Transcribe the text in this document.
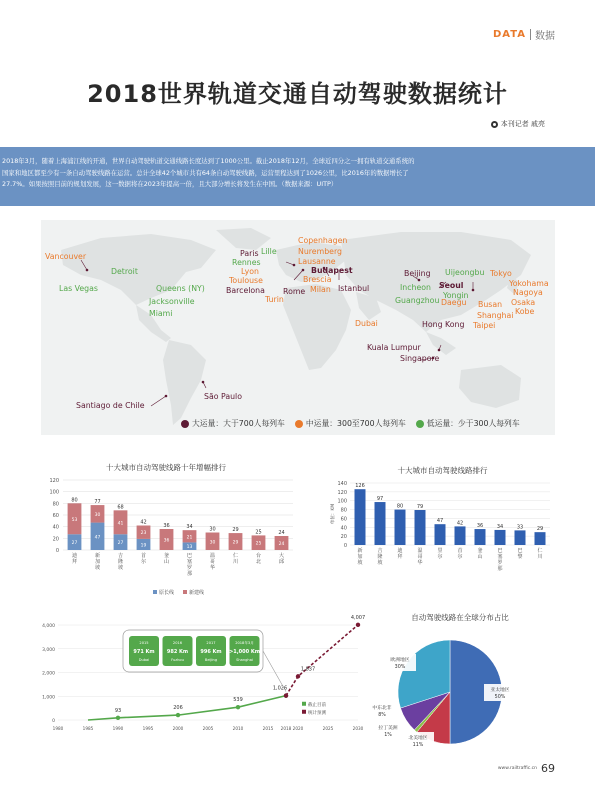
DATA 数据
2018世界轨道交通自动驾驶数据统计
本刊记者 戚亮
2018年3月，随着上海浦江线的开通，世界自动驾驶轨道交通线路长度达到了1000公里。截止2018年12月，全球近四分之一拥有轨道交通系统的
国家和地区都至少有一条自动驾驶线路在运营。总计全球42个城市共有64条自动驾驶线路，运营里程达到了1026公里，比2016年的数据增长了
27.7%。如果按照目前的规划发展，这一数据将在2023年提高一倍，且大部分增长将发生在中国。（数据来源：UITP）
Vancouver
Las Vegas
Detroit
Queens (NY)
Jacksonville
Miami
Paris Lille
Rennes
Lyon
Toulouse
Barcelona
Turin
Rome
Copenhagen
Nuremberg
Lausanne
Budapest
Brescia
Milan Istanbul
Dubai
Beijing Uijeongbu
Incheon Seoul
Yongin
Guangzhou Daegu Busan
Tokyo
Yokohama
Nagoya
Osaka
Kobe
Shanghai
Taipei
Hong Kong
Kuala Lumpur
Singapore
São Paulo
Santiago de Chile
大运量：大于700人每列车	中运量：300至700人每列车	低运量：少于300人每列车
十大城市自动驾驶线路十年增幅排行
0
20
40
60
80
100
120
27
53
80
迪
拜
47
30
77
新
加
坡
27
41
68
吉
隆
坡
19
23
42
首
尔
36
36
釜
山
13
21
34
巴
塞
罗
那
30
30
温
哥
华
29
29
仁
川
25
25
台
北
24
24
大
邱
原长线	新建线
十大城市自动驾驶线路排行
0
20
40
60
80
100
120
140
单位：KM
126
新
加
坡
97
吉
隆
坡
80
迪
拜
79
温
哥
华
47
里
尔
42
首
尔
36
釜
山
34
巴
塞
罗
那
33
巴
黎
29
仁
川
0
1,000
2,000
3,000
4,000
1980	1985	1990	1995	2000	2005	2010	2015 2018 2020	2025	2030
93	206
539
1,026
1,837
4,007
2015
971 Km
Dubai
2016
982 Km
Fuzhou
2017
996 Km
Beijing
2018年3月
>1,000 Km
Shanghai
截止目前
统计预测
自动驾驶线路在全球分布占比
亚太地区
50%
北美地区
11%
拉丁美洲
1%
中东北非
8%
欧洲地区
30%
www.railtraffic.cn 69
